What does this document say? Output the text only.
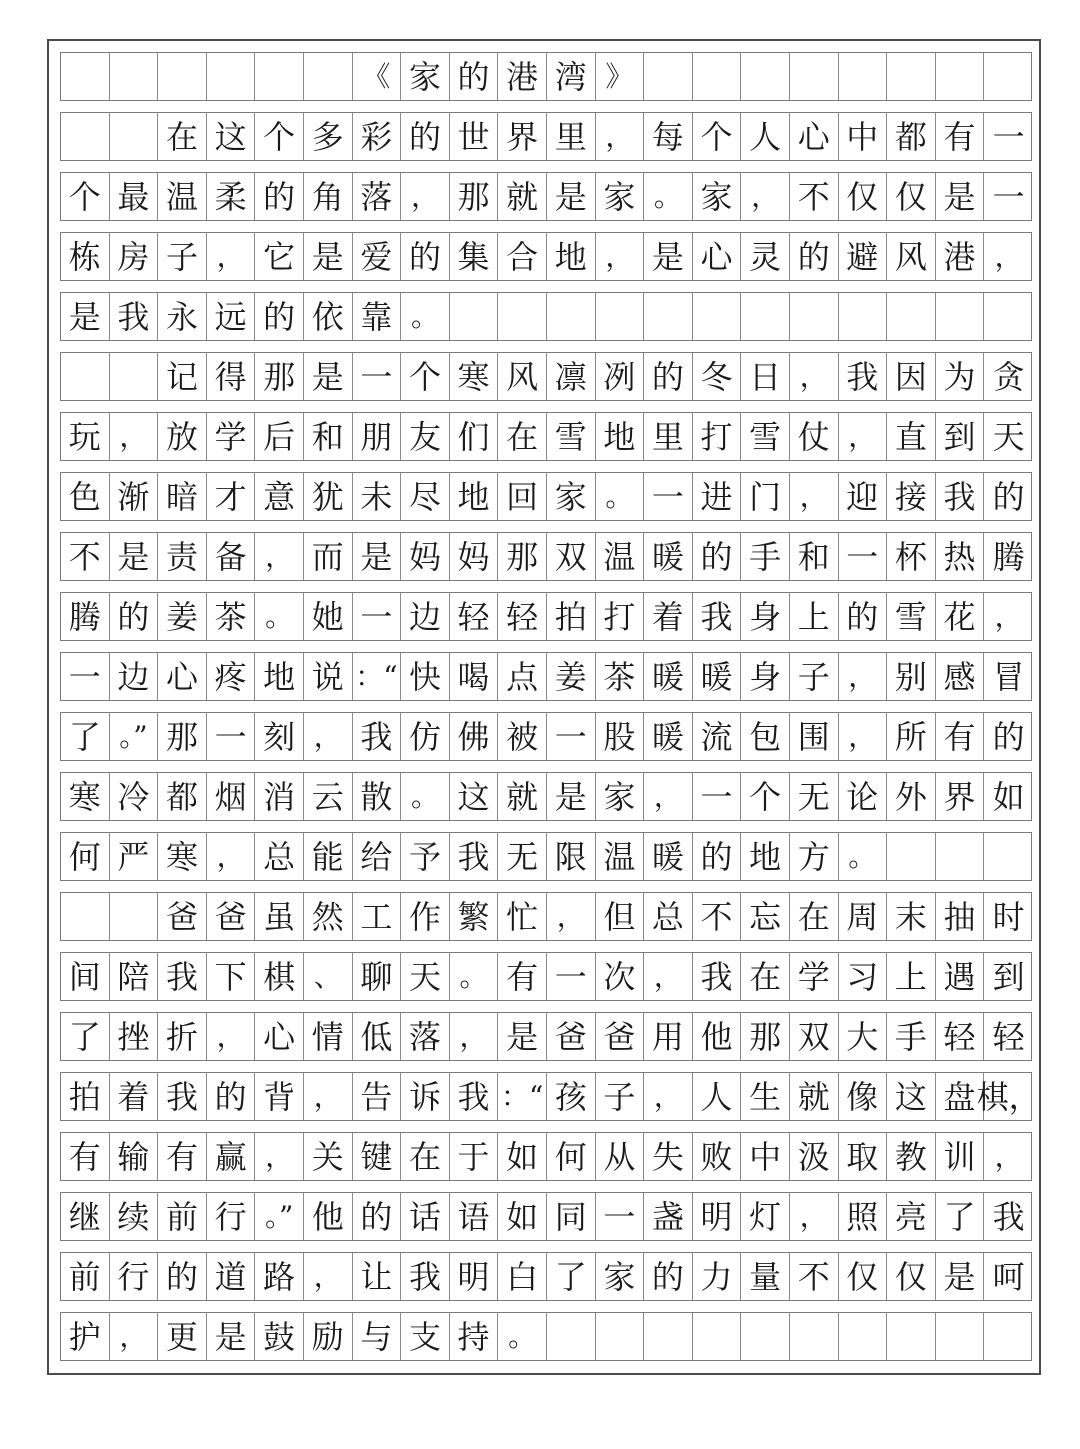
《 家 的 港 湾 》
在 这 个 多 彩 的 世 界 里 ， 每 个 人 心 中 都 有 一
个 最 温 柔 的 角 落 ， 那 就 是 家 。 家 ， 不 仅 仅 是 一
栋 房 子 ， 它 是 爱 的 集 合 地 ， 是 心 灵 的 避 风 港 ，
是 我 永 远 的 依 靠 。
记 得 那 是 一 个 寒 风 凛 冽 的 冬 日 ， 我 因 为 贪
玩 ， 放 学 后 和 朋 友 们 在 雪 地 里 打 雪 仗 ， 直 到 天
色 渐 暗 才 意 犹 未 尽 地 回 家 。 一 进 门 ， 迎 接 我 的
不 是 责 备 ， 而 是 妈 妈 那 双 温 暖 的 手 和 一 杯 热 腾
腾 的 姜 茶 。 她 一 边 轻 轻 拍 打 着 我 身 上 的 雪 花 ，
一 边 心 疼 地 说 ：“ 快 喝 点 姜 茶 暖 暖 身 子 ， 别 感 冒
了 。” 那 一 刻 ， 我 仿 佛 被 一 股 暖 流 包 围 ， 所 有 的
寒 冷 都 烟 消 云 散 。 这 就 是 家 ， 一 个 无 论 外 界 如
何 严 寒 ， 总 能 给 予 我 无 限 温 暖 的 地 方 。
爸 爸 虽 然 工 作 繁 忙 ， 但 总 不 忘 在 周 末 抽 时
间 陪 我 下 棋 、 聊 天 。 有 一 次 ， 我 在 学 习 上 遇 到
了 挫 折 ， 心 情 低 落 ， 是 爸 爸 用 他 那 双 大 手 轻 轻
拍 着 我 的 背 ， 告 诉 我 ：“ 孩 子 ， 人 生 就 像 这 盘 棋，
有 输 有 赢 ， 关 键 在 于 如 何 从 失 败 中 汲 取 教 训 ，
继 续 前 行 。” 他 的 话 语 如 同 一 盏 明 灯 ， 照 亮 了 我
前 行 的 道 路 ， 让 我 明 白 了 家 的 力 量 不 仅 仅 是 呵
护 ， 更 是 鼓 励 与 支 持 。
